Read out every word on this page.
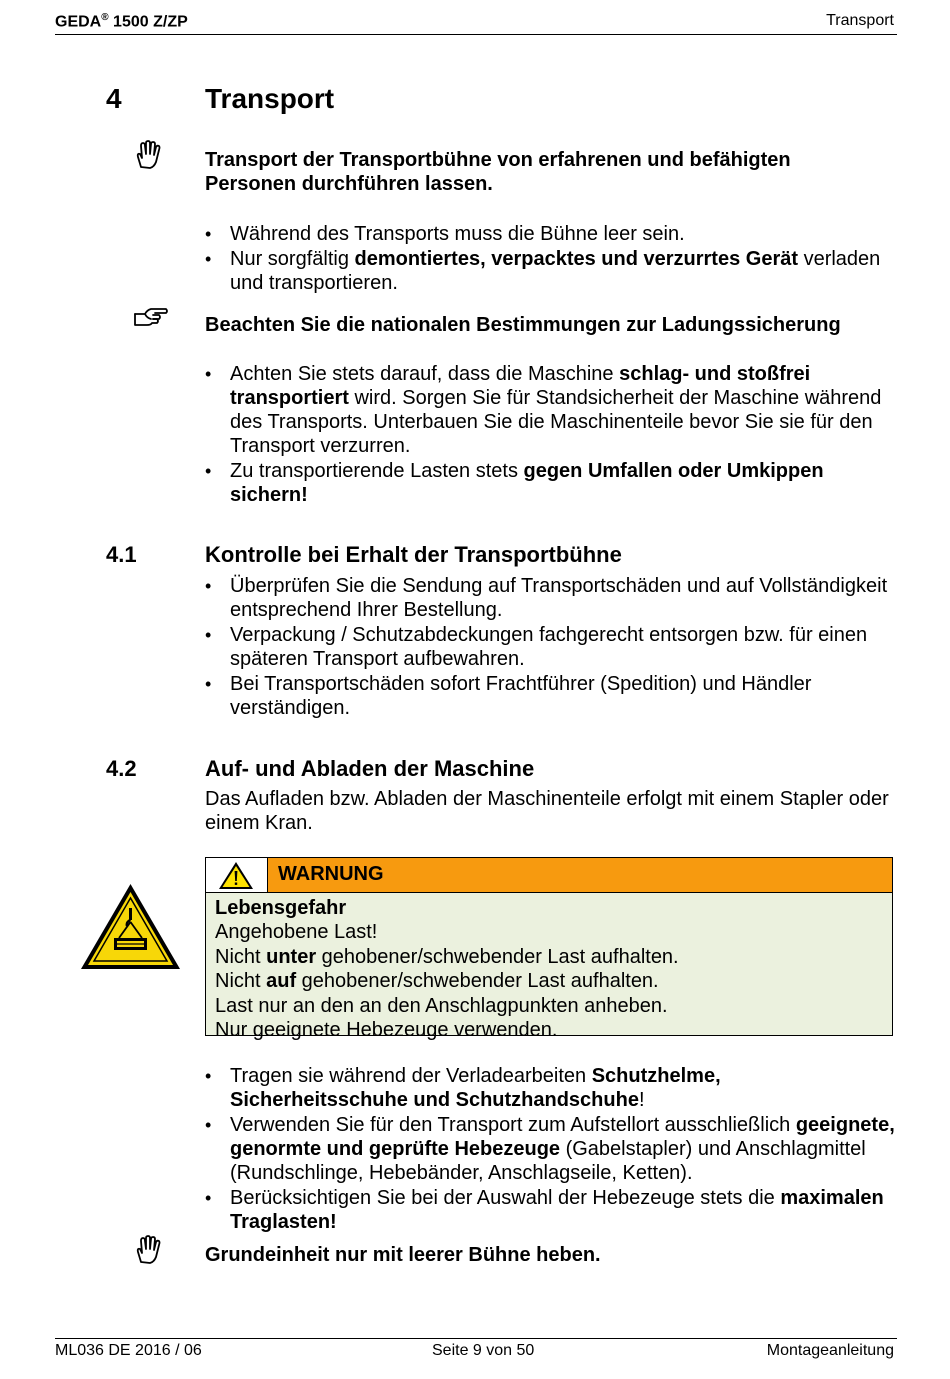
GEDA® 1500 Z/ZP	Transport
4	Transport
Transport der Transportbühne von erfahrenen und befähigten Personen durchführen lassen.
• Während des Transports muss die Bühne leer sein.
• Nur sorgfältig demontiertes, verpacktes und verzurrtes Gerät verladen und transportieren.
Beachten Sie die nationalen Bestimmungen zur Ladungssicherung
• Achten Sie stets darauf, dass die Maschine schlag- und stoßfrei transportiert wird. Sorgen Sie für Standsicherheit der Maschine während des Transports. Unterbauen Sie die Maschinenteile bevor Sie sie für den Transport verzurren.
• Zu transportierende Lasten stets gegen Umfallen oder Umkippen sichern!
4.1	Kontrolle bei Erhalt der Transportbühne
• Überprüfen Sie die Sendung auf Transportschäden und auf Vollständigkeit entsprechend Ihrer Bestellung.
• Verpackung / Schutzabdeckungen fachgerecht entsorgen bzw. für einen späteren Transport aufbewahren.
• Bei Transportschäden sofort Frachtführer (Spedition) und Händler verständigen.
4.2	Auf- und Abladen der Maschine
Das Aufladen bzw. Abladen der Maschinenteile erfolgt mit einem Stapler oder einem Kran.
WARNUNG
Lebensgefahr
Angehobene Last!
Nicht unter gehobener/schwebender Last aufhalten.
Nicht auf gehobener/schwebender Last aufhalten.
Last nur an den an den Anschlagpunkten anheben.
Nur geeignete Hebezeuge verwenden.
• Tragen sie während der Verladearbeiten Schutzhelme, Sicherheitsschuhe und Schutzhandschuhe!
• Verwenden Sie für den Transport zum Aufstellort ausschließlich geeignete, genormte und geprüfte Hebezeuge (Gabelstapler) und Anschlagmittel (Rundschlinge, Hebebänder, Anschlagseile, Ketten).
• Berücksichtigen Sie bei der Auswahl der Hebezeuge stets die maximalen Traglasten!
Grundeinheit nur mit leerer Bühne heben.
ML036 DE 2016 / 06	Seite 9 von 50	Montageanleitung
